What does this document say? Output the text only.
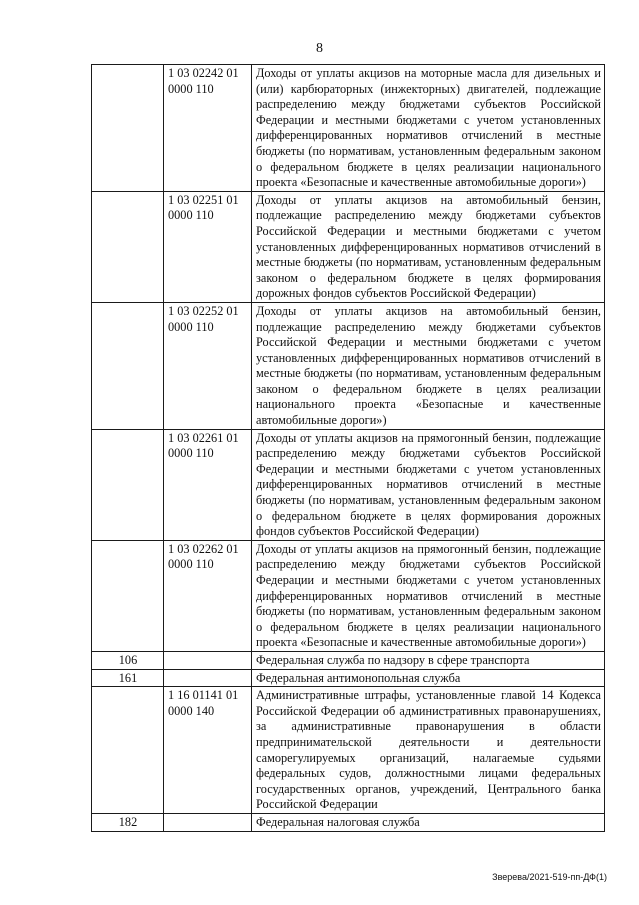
8
	1 03 02242 01 0000 110	Доходы от уплаты акцизов на моторные масла для дизельных и (или) карбюраторных (инжекторных) двигателей, подлежащие распределению между бюджетами субъектов Российской Федерации и местными бюджетами с учетом установленных дифференцированных нормативов отчислений в местные бюджеты (по нормативам, установленным федеральным законом о федеральном бюджете в целях реализации национального проекта «Безопасные и качественные автомобильные дороги»)
	1 03 02251 01 0000 110	Доходы от уплаты акцизов на автомобильный бензин, подлежащие распределению между бюджетами субъектов Российской Федерации и местными бюджетами с учетом установленных дифференцированных нормативов отчислений в местные бюджеты (по нормативам, установленным федеральным законом о федеральном бюджете в целях формирования дорожных фондов субъектов Российской Федерации)
	1 03 02252 01 0000 110	Доходы от уплаты акцизов на автомобильный бензин, подлежащие распределению между бюджетами субъектов Российской Федерации и местными бюджетами с учетом установленных дифференцированных нормативов отчислений в местные бюджеты (по нормативам, установленным федеральным законом о федеральном бюджете в целях реализации национального проекта «Безопасные и качественные автомобильные дороги»)
	1 03 02261 01 0000 110	Доходы от уплаты акцизов на прямогонный бензин, подлежащие распределению между бюджетами субъектов Российской Федерации и местными бюджетами с учетом установленных дифференцированных нормативов отчислений в местные бюджеты (по нормативам, установленным федеральным законом о федеральном бюджете в целях формирования дорожных фондов субъектов Российской Федерации)
	1 03 02262 01 0000 110	Доходы от уплаты акцизов на прямогонный бензин, подлежащие распределению между бюджетами субъектов Российской Федерации и местными бюджетами с учетом установленных дифференцированных нормативов отчислений в местные бюджеты (по нормативам, установленным федеральным законом о федеральном бюджете в целях реализации национального проекта «Безопасные и качественные автомобильные дороги»)
106		Федеральная служба по надзору в сфере транспорта
161		Федеральная антимонопольная служба
	1 16 01141 01 0000 140	Административные штрафы, установленные главой 14 Кодекса Российской Федерации об административных правонарушениях, за административные правонарушения в области предпринимательской деятельности и деятельности саморегулируемых организаций, налагаемые судьями федеральных судов, должностными лицами федеральных государственных органов, учреждений, Центрального банка Российской Федерации
182		Федеральная налоговая служба
Зверева/2021-519-пп-ДФ(1)
